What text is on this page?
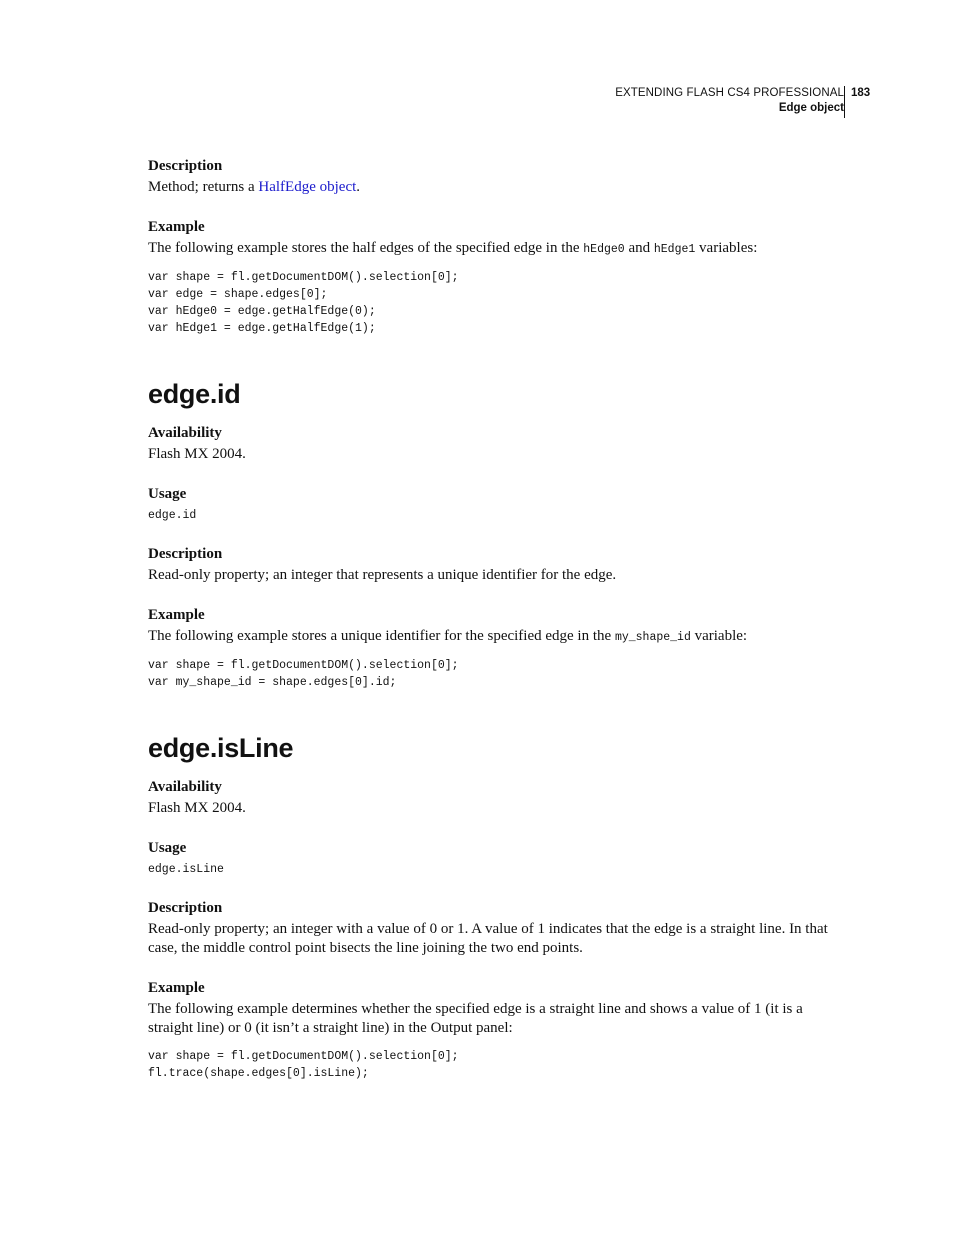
EXTENDING FLASH CS4 PROFESSIONAL
Edge object
183

Description

Method; returns a HalfEdge object.

Example

The following example stores the half edges of the specified edge in the hEdge0 and hEdge1 variables:

var shape = fl.getDocumentDOM().selection[0];

var edge = shape.edges[0];

var hEdge0 = edge.getHalfEdge(0);

var hEdge1 = edge.getHalfEdge(1);

edge.id

Availability

Flash MX 2004.

Usage

edge.id

Description

Read-only property; an integer that represents a unique identifier for the edge.

Example

The following example stores a unique identifier for the specified edge in the my_shape_id variable:

var shape = fl.getDocumentDOM().selection[0];

var my_shape_id = shape.edges[0].id;

edge.isLine

Availability

Flash MX 2004.

Usage

edge.isLine

Description

Read-only property; an integer with a value of 0 or 1. A value of 1 indicates that the edge is a straight line. In that case, the middle control point bisects the line joining the two end points.

Example

The following example determines whether the specified edge is a straight line and shows a value of 1 (it is a straight line) or 0 (it isn’t a straight line) in the Output panel:

var shape = fl.getDocumentDOM().selection[0];

fl.trace(shape.edges[0].isLine);
